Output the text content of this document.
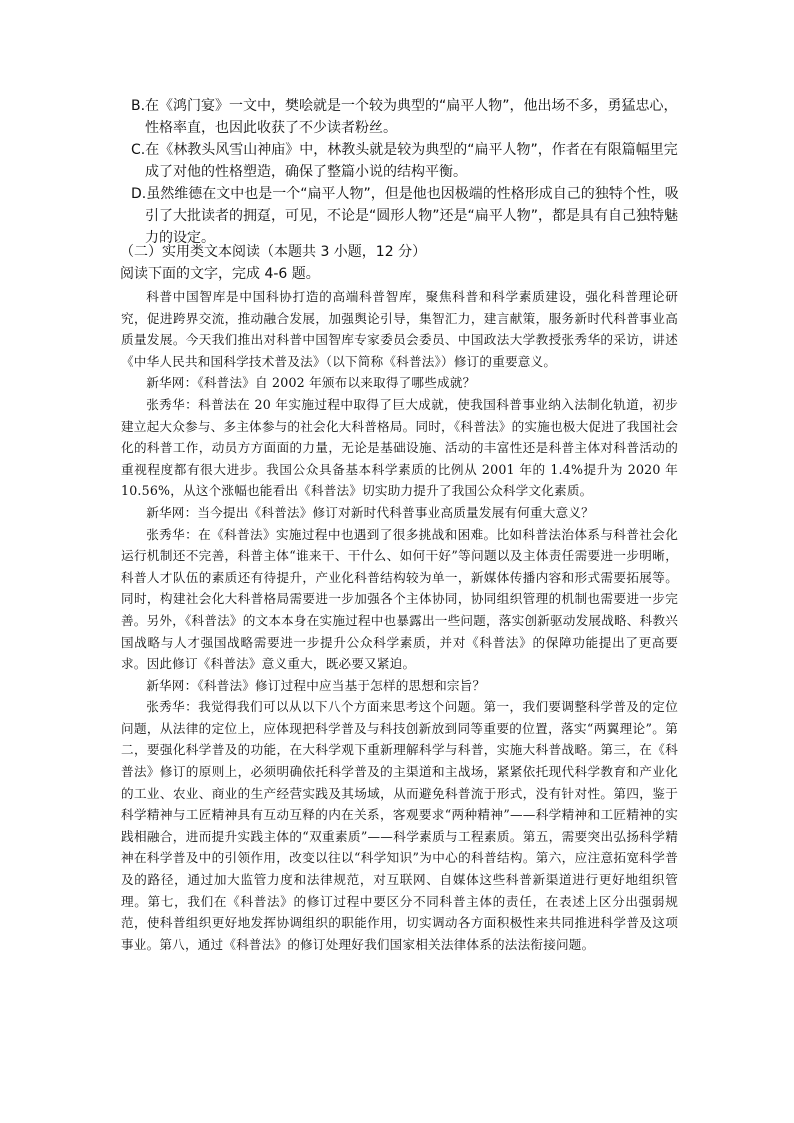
B.在《鸿门宴》一文中，樊哙就是一个较为典型的“扁平人物”，他出场不多，勇猛忠心，性格率直，也因此收获了不少读者粉丝。

C.在《林教头风雪山神庙》中，林教头就是较为典型的“扁平人物”，作者在有限篇幅里完成了对他的性格塑造，确保了整篇小说的结构平衡。

D.虽然维德在文中也是一个“扁平人物”，但是他也因极端的性格形成自己的独特个性，吸引了大批读者的拥趸，可见，不论是“圆形人物”还是“扁平人物”，都是具有自己独特魅力的设定。

（二）实用类文本阅读（本题共 3 小题，12 分）
阅读下面的文字，完成 4-6 题。

科普中国智库是中国科协打造的高端科普智库，聚焦科普和科学素质建设，强化科普理论研究，促进跨界交流，推动融合发展，加强舆论引导，集智汇力，建言献策，服务新时代科普事业高质量发展。今天我们推出对科普中国智库专家委员会委员、中国政法大学教授张秀华的采访，讲述《中华人民共和国科学技术普及法》（以下简称《科普法》）修订的重要意义。

新华网：《科普法》自 2002 年颁布以来取得了哪些成就？

张秀华：科普法在 20 年实施过程中取得了巨大成就，使我国科普事业纳入法制化轨道，初步建立起大众参与、多主体参与的社会化大科普格局。同时，《科普法》的实施也极大促进了我国社会化的科普工作，动员方方面面的力量，无论是基础设施、活动的丰富性还是科普主体对科普活动的重视程度都有很大进步。我国公众具备基本科学素质的比例从 2001 年的 1.4%提升为 2020 年 10.56%，从这个涨幅也能看出《科普法》切实助力提升了我国公众科学文化素质。

新华网：当今提出《科普法》修订对新时代科普事业高质量发展有何重大意义？

张秀华：在《科普法》实施过程中也遇到了很多挑战和困难。比如科普法治体系与科普社会化运行机制还不完善，科普主体“谁来干、干什么、如何干好”等问题以及主体责任需要进一步明晰，科普人才队伍的素质还有待提升，产业化科普结构较为单一，新媒体传播内容和形式需要拓展等。同时，构建社会化大科普格局需要进一步加强各个主体协同，协同组织管理的机制也需要进一步完善。另外，《科普法》的文本本身在实施过程中也暴露出一些问题，落实创新驱动发展战略、科教兴国战略与人才强国战略需要进一步提升公众科学素质，并对《科普法》的保障功能提出了更高要求。因此修订《科普法》意义重大，既必要又紧迫。

新华网：《科普法》修订过程中应当基于怎样的思想和宗旨？

张秀华：我觉得我们可以从以下八个方面来思考这个问题。第一，我们要调整科学普及的定位问题，从法律的定位上，应体现把科学普及与科技创新放到同等重要的位置，落实“两翼理论”。第二，要强化科学普及的功能，在大科学观下重新理解科学与科普，实施大科普战略。第三，在《科普法》修订的原则上，必须明确依托科学普及的主渠道和主战场，紧紧依托现代科学教育和产业化的工业、农业、商业的生产经营实践及其场域，从而避免科普流于形式，没有针对性。第四，鉴于科学精神与工匠精神具有互动互释的内在关系，客观要求“两种精神”——科学精神和工匠精神的实践相融合，进而提升实践主体的“双重素质”——科学素质与工程素质。第五，需要突出弘扬科学精神在科学普及中的引领作用，改变以往以“科学知识”为中心的科普结构。第六，应注意拓宽科学普及的路径，通过加大监管力度和法律规范，对互联网、自媒体这些科普新渠道进行更好地组织管理。第七，我们在《科普法》的修订过程中要区分不同科普主体的责任，在表述上区分出强弱规范，使科普组织更好地发挥协调组织的职能作用，切实调动各方面积极性来共同推进科学普及这项事业。第八，通过《科普法》的修订处理好我们国家相关法律体系的法法衔接问题。
